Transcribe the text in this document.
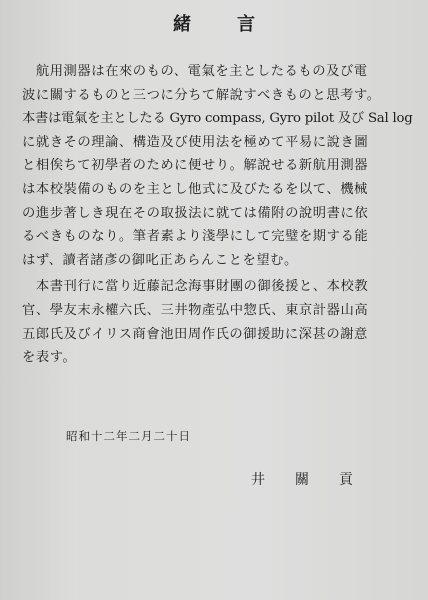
緒　言
　航用測器は在來のもの、電氣を主としたるもの及び電
波に關するものと三つに分ちて解說すべきものと思考す。
本書は電氣を主としたる Gyro compass, Gyro pilot 及び Sal log
に就きその理論、構造及び使用法を極めて平易に說き圖
と相俟ちて初學者のために便せり。解說せる新航用測器
は本校裝備のものを主とし他式に及びたるを以て、機械
の進步著しき現在その取扱法に就ては備附の說明書に依
るべきものなり。筆者素より淺學にして完璧を期する能
はず、讀者諸彥の御叱正あらんことを望む。
　本書刊行に當り近藤記念海事財團の御後援と、本校教
官、學友末永權六氏、三井物產弘中惣氏、東京計器山高
五郎氏及びイリス商會池田周作氏の御援助に深甚の謝意
を表す。
昭和十二年二月二十日
井關貢
